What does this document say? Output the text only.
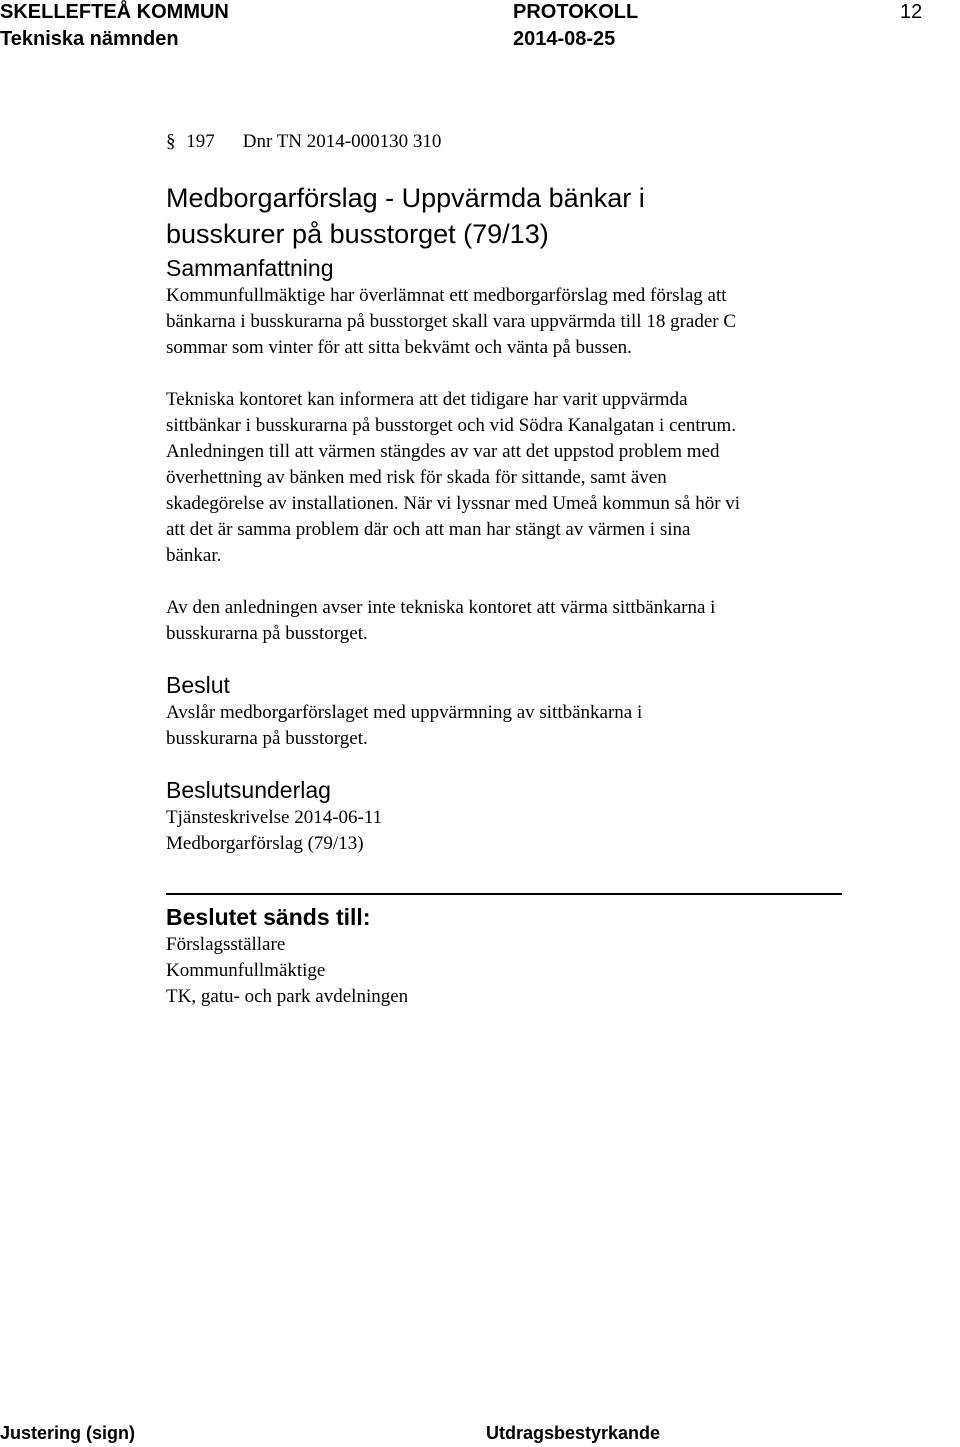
SKELLEFTEÅ KOMMUN	PROTOKOLL	12
Tekniska nämnden	2014-08-25
§ 197 Dnr TN 2014-000130 310
Medborgarförslag - Uppvärmda bänkar i
busskurer på busstorget (79/13)
Sammanfattning

Kommunfullmäktige har överlämnat ett medborgarförslag med förslag att
bänkarna i busskurarna på busstorget skall vara uppvärmda till 18 grader C
sommar som vinter för att sitta bekvämt och vänta på bussen.

Tekniska kontoret kan informera att det tidigare har varit uppvärmda
sittbänkar i busskurarna på busstorget och vid Södra Kanalgatan i centrum.
Anledningen till att värmen stängdes av var att det uppstod problem med
överhettning av bänken med risk för skada för sittande, samt även
skadegörelse av installationen. När vi lyssnar med Umeå kommun så hör vi
att det är samma problem där och att man har stängt av värmen i sina
bänkar.

Av den anledningen avser inte tekniska kontoret att värma sittbänkarna i
busskurarna på busstorget.

Beslut

Avslår medborgarförslaget med uppvärmning av sittbänkarna i
busskurarna på busstorget.

Beslutsunderlag

Tjänsteskrivelse 2014-06-11
Medborgarförslag (79/13)

Beslutet sänds till:

Förslagsställare
Kommunfullmäktige
TK, gatu- och park avdelningen

Justering (sign)	Utdragsbestyrkande
